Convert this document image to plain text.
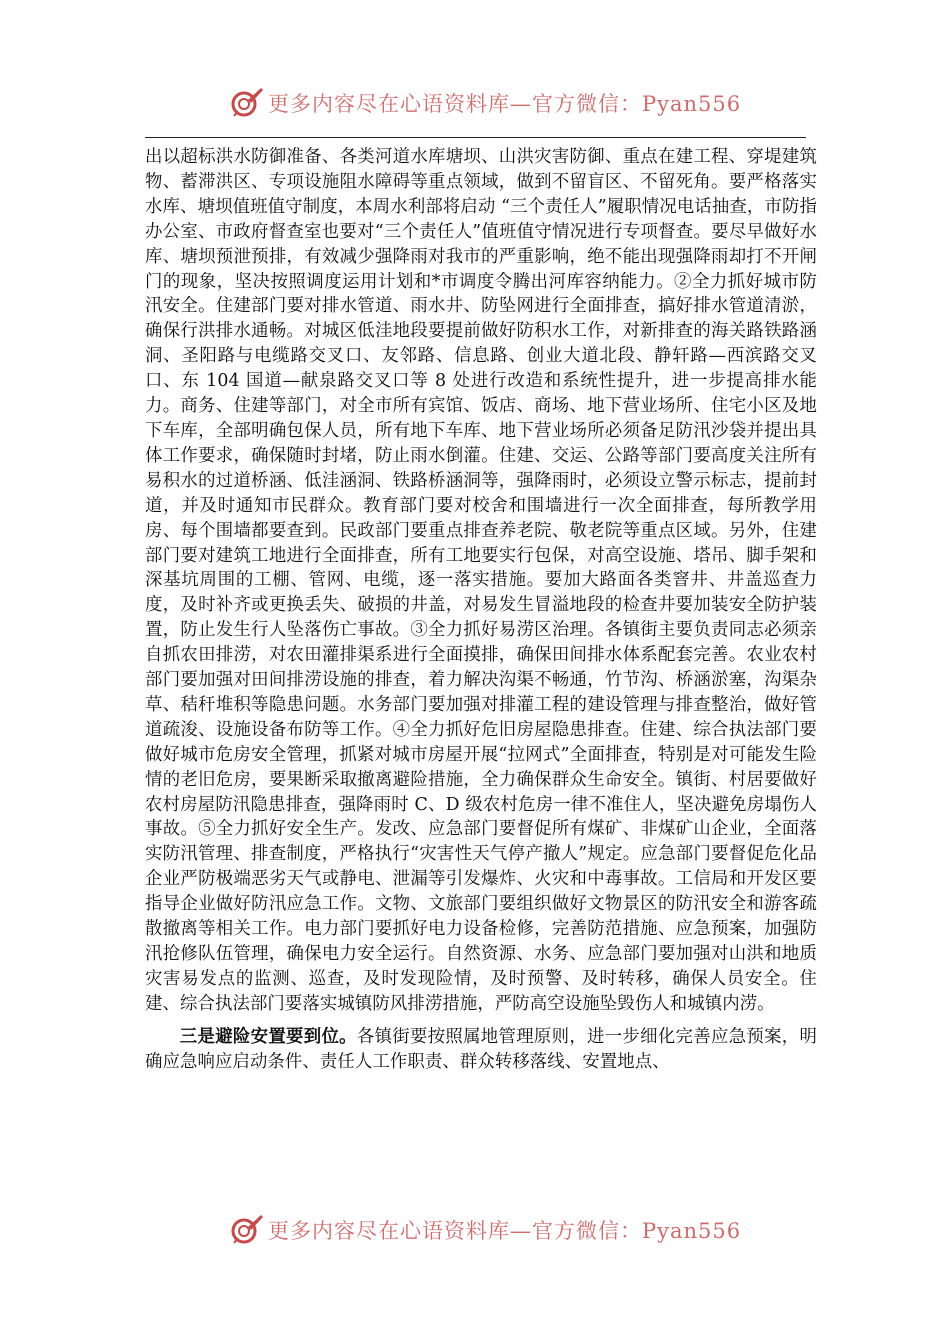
更多内容尽在心语资料库—官方微信：Pyan556

出以超标洪水防御准备、各类河道水库塘坝、山洪灾害防御、重点在建工程、穿堤建筑物、蓄滞洪区、专项设施阻水障碍等重点领域，做到不留盲区、不留死角。要严格落实水库、塘坝值班值守制度，本周水利部将启动 “三个责任人”履职情况电话抽查，市防指办公室、市政府督查室也要对“三个责任人”值班值守情况进行专项督查。要尽早做好水库、塘坝预泄预排，有效减少强降雨对我市的严重影响，绝不能出现强降雨却打不开闸门的现象，坚决按照调度运用计划和*市调度令腾出河库容纳能力。②全力抓好城市防汛安全。住建部门要对排水管道、雨水井、防坠网进行全面排查，搞好排水管道清淤，确保行洪排水通畅。对城区低洼地段要提前做好防积水工作，对新排查的海关路铁路涵洞、圣阳路与电缆路交叉口、友邻路、信息路、创业大道北段、静轩路—西滨路交叉口、东 104 国道—献泉路交叉口等 8 处进行改造和系统性提升，进一步提高排水能力。商务、住建等部门，对全市所有宾馆、饭店、商场、地下营业场所、住宅小区及地下车库，全部明确包保人员，所有地下车库、地下营业场所必须备足防汛沙袋并提出具体工作要求，确保随时封堵，防止雨水倒灌。住建、交运、公路等部门要高度关注所有易积水的过道桥涵、低洼涵洞、铁路桥涵洞等，强降雨时，必须设立警示标志，提前封道，并及时通知市民群众。教育部门要对校舍和围墙进行一次全面排查，每所教学用房、每个围墙都要查到。民政部门要重点排查养老院、敬老院等重点区域。另外，住建部门要对建筑工地进行全面排查，所有工地要实行包保，对高空设施、塔吊、脚手架和深基坑周围的工棚、管网、电缆，逐一落实措施。要加大路面各类窨井、井盖巡查力度，及时补齐或更换丢失、破损的井盖，对易发生冒溢地段的检查井要加装安全防护装置，防止发生行人坠落伤亡事故。③全力抓好易涝区治理。各镇街主要负责同志必须亲自抓农田排涝，对农田灌排渠系进行全面摸排，确保田间排水体系配套完善。农业农村部门要加强对田间排涝设施的排查，着力解决沟渠不畅通，竹节沟、桥涵淤塞，沟渠杂草、秸秆堆积等隐患问题。水务部门要加强对排灌工程的建设管理与排查整治，做好管道疏浚、设施设备布防等工作。④全力抓好危旧房屋隐患排查。住建、综合执法部门要做好城市危房安全管理，抓紧对城市房屋开展“拉网式”全面排查，特别是对可能发生险情的老旧危房，要果断采取撤离避险措施，全力确保群众生命安全。镇街、村居要做好农村房屋防汛隐患排查，强降雨时 C、D 级农村危房一律不准住人，坚决避免房塌伤人事故。⑤全力抓好安全生产。发改、应急部门要督促所有煤矿、非煤矿山企业，全面落实防汛管理、排查制度，严格执行“灾害性天气停产撤人”规定。应急部门要督促危化品企业严防极端恶劣天气或静电、泄漏等引发爆炸、火灾和中毒事故。工信局和开发区要指导企业做好防汛应急工作。文物、文旅部门要组织做好文物景区的防汛安全和游客疏散撤离等相关工作。电力部门要抓好电力设备检修，完善防范措施、应急预案，加强防汛抢修队伍管理，确保电力安全运行。自然资源、水务、应急部门要加强对山洪和地质灾害易发点的监测、巡查，及时发现险情，及时预警、及时转移，确保人员安全。住建、综合执法部门要落实城镇防风排涝措施，严防高空设施坠毁伤人和城镇内涝。

三是避险安置要到位。各镇街要按照属地管理原则，进一步细化完善应急预案，明确应急响应启动条件、责任人工作职责、群众转移落线、安置地点、

更多内容尽在心语资料库—官方微信：Pyan556
